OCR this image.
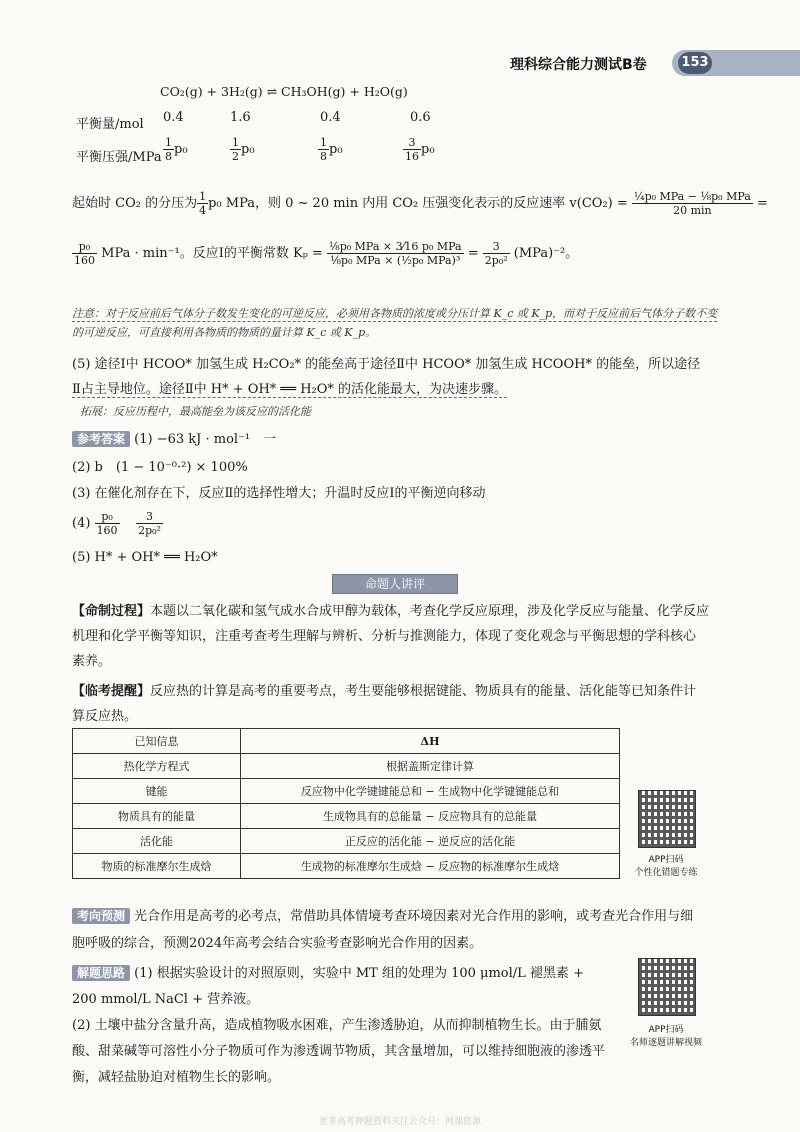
理科综合能力测试B卷	153
CO₂(g) + 3H₂(g) ⇌ CH₃OH(g) + H₂O(g)
平衡量/mol 0.4	1.6	0.4	0.6
平衡压强$/MPa \frac{1}{8} p_0$	$\frac{1}{2} p_0$	$\frac{1}{8} p_0$	$\frac{3}{16} p_0$
起始时 CO₂ 的分压为 $\frac{1}{4} p_0$ MPa，则 0 ~ 20 min 内用 CO₂ 压强变化表示的反应速率 $v(CO_2) = \frac{\text{¼p₀ MPa − ⅛p₀ MPa}}{20 \min}$ =
$\frac{\text{p₀}}{160}$ MPa · min⁻¹。反应Ⅰ的平衡常数 $K_p = \frac{\text{⅛p₀ MPa × 3⁄16 p₀ MPa}}{\text{⅛p₀ MPa × (½p₀ MPa)³}} = \frac{3}{\text{2p₀²}} (MPa)^{-2}$。
注意：对于反应前后气体分子数发生变化的可逆反应，必须用各物质的浓度或分压计算 K_c 或 K_p，而对于反应前后气体分子数不变
的可逆反应，可直接利用各物质的物质的量计算 K_c 或 K_p。
(5) 途径Ⅰ中 HCOO* 加氢生成 H₂CO₂* 的能垒高于途径Ⅱ中 HCOO* 加氢生成 HCOOH* 的能垒，所以途径
Ⅱ占主导地位。途径Ⅱ中 H* + OH* ══ H₂O* 的活化能最大，为决速步骤。
拓展：反应历程中，最高能垒为该反应的活化能
参考答案 (1) −63 kJ · mol⁻¹　一
(2) b　(1 − 10⁻⁰·²) × 100%
(3) 在催化剂存在下，反应Ⅱ的选择性增大；升温时反应Ⅰ的平衡逆向移动
$(4) \frac{\text{p₀}}{160}$
$\frac{3}{\text{2p₀²}}$
(5) H* + OH* ══ H₂O*
命题人讲评
【命制过程】本题以二氧化碳和氢气成水合成甲醇为载体，考查化学反应原理，涉及化学反应与能量、化学反应
机理和化学平衡等知识，注重考查考生理解与辨析、分析与推测能力，体现了变化观念与平衡思想的学科核心
素养。
【临考提醒】反应热的计算是高考的重要考点，考生要能够根据键能、物质具有的能量、活化能等已知条件计
算反应热。
已知信息	ΔH
热化学方程式	根据盖斯定律计算
键能	反应物中化学键键能总和 − 生成物中化学键键能总和
物质具有的能量	生成物具有的总能量 − 反应物具有的总能量
活化能	正反应的活化能 − 逆反应的活化能
物质的标准摩尔生成焓	生成物的标准摩尔生成焓 − 反应物的标准摩尔生成焓	APP扫码
个性化错题专练
考向预测 光合作用是高考的必考点，常借助具体情境考查环境因素对光合作用的影响，或考查光合作用与细
胞呼吸的综合，预测2024年高考会结合实验考查影响光合作用的因素。
解题思路 (1) 根据实验设计的对照原则，实验中 MT 组的处理为 100 μmol/L 褪黑素 +
200 mmol/L NaCl + 营养液。
(2) 土壤中盐分含量升高，造成植物吸水困难，产生渗透胁迫，从而抑制植物生长。由于脯氨
酸、甜菜碱等可溶性小分子物质可作为渗透调节物质，其含量增加，可以维持细胞液的渗透平
衡，减轻盐胁迫对植物生长的影响。
APP扫码
名师逐题讲解视频
更多高考押题资料关注公众号：网课资源
